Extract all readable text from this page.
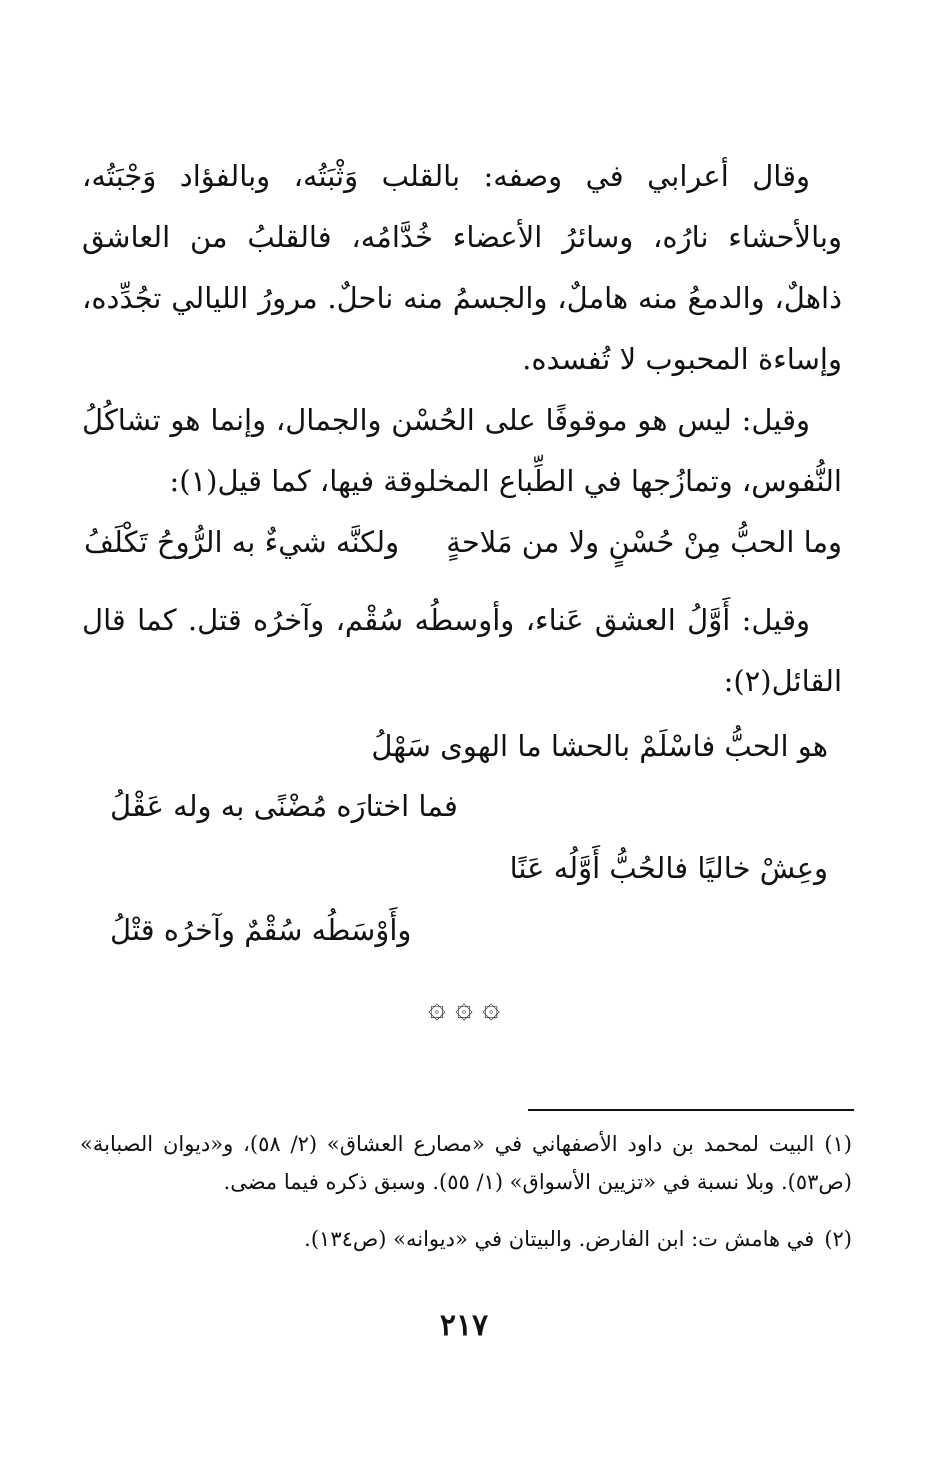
وقال أعرابي في وصفه: بالقلب وَثْبَتُه، وبالفؤاد وَجْبَتُه، وبالأحشاء نارُه، وسائرُ الأعضاء خُدَّامُه، فالقلبُ من العاشق ذاهلٌ، والدمعُ منه هاملٌ، والجسمُ منه ناحلٌ. مرورُ الليالي تجُدِّده، وإساءة المحبوب لا تُفسده.

وقيل: ليس هو موقوفًا على الحُسْن والجمال، وإنما هو تشاكُلُ النُّفوس، وتمازُجها في الطِّباع المخلوقة فيها، كما قيل(١):

وما الحبُّ مِنْ حُسْنٍ ولا من مَلاحةٍ
ولكنَّه شيءٌ به الرُّوحُ تَكْلَفُ

وقيل: أَوَّلُ العشق عَناء، وأوسطُه سُقْم، وآخرُه قتل. كما قال القائل(٢):

هو الحبُّ فاسْلَمْ بالحشا ما الهوى سَهْلُ
فما اختارَه مُضْنًى به وله عَقْلُ
وعِشْ خاليًا فالحُبُّ أَوَّلُه عَنًا
وأَوْسَطُه سُقْمٌ وآخرُه قتْلُ
۞ ۞ ۞

(١)البيت لمحمد بن داود الأصفهاني في «مصارع العشاق» (٢/ ٥٨)، و«ديوان الصبابة» (ص٥٣). وبلا نسبة في «تزيين الأسواق» (١/ ٥٥). وسبق ذكره فيما مضى.

(٢)في هامش ت: ابن الفارض. والبيتان في «ديوانه» (ص١٣٤).

٢١٧
